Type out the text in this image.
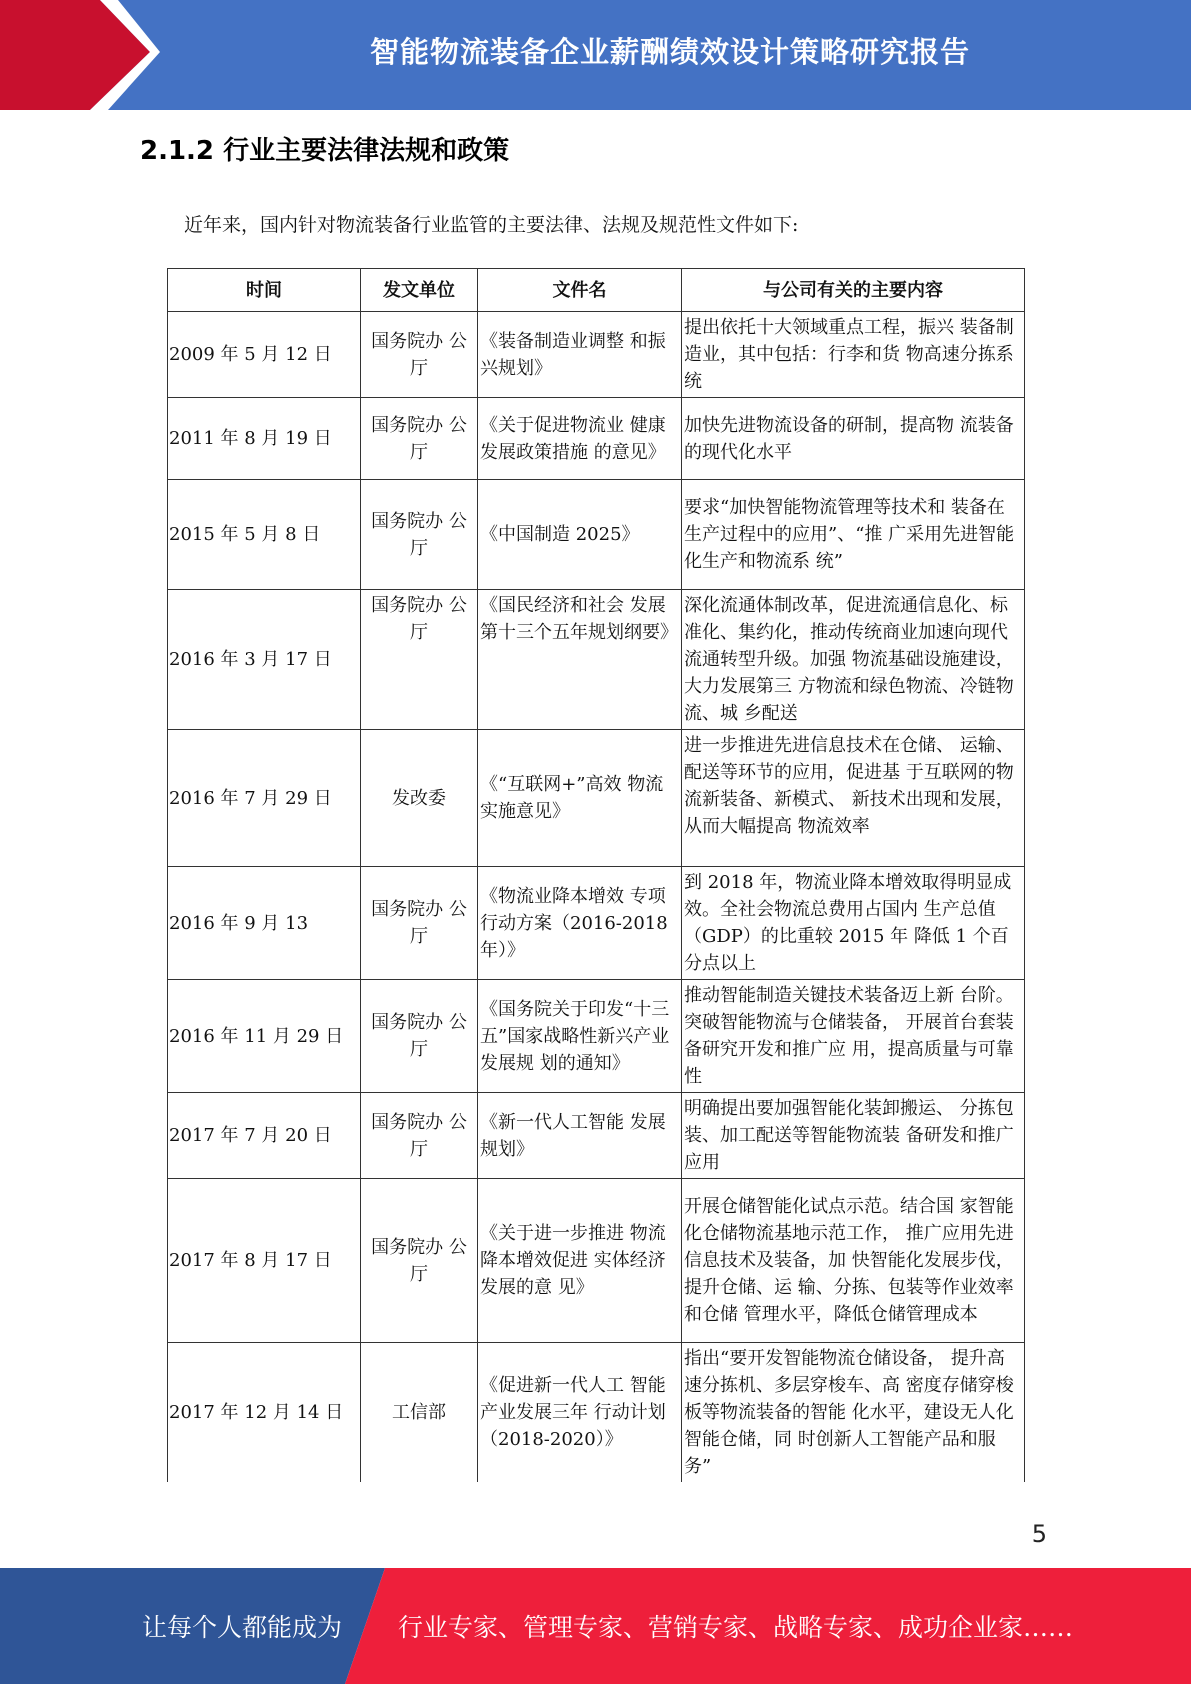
智能物流装备企业薪酬绩效设计策略研究报告
2.1.2 行业主要法律法规和政策
近年来，国内针对物流装备行业监管的主要法律、法规及规范性文件如下:
时间	发文单位	文件名	与公司有关的主要内容
2009 年 5 月 12 日	国务院办 公厅	《装备制造业调整 和振兴规划》	提出依托十大领域重点工程，振兴 装备制造业，其中包括：行李和货 物高速分拣系统
2011 年 8 月 19 日	国务院办 公厅	《关于促进物流业 健康发展政策措施 的意见》	加快先进物流设备的研制，提高物 流装备的现代化水平
2015 年 5 月 8 日	国务院办 公厅	《中国制造 2025》	要求“加快智能物流管理等技术和 装备在生产过程中的应用”、“推 广采用先进智能化生产和物流系 统”
2016 年 3 月 17 日	国务院办 公厅	《国民经济和社会 发展第十三个五年规划纲要》	深化流通体制改革，促进流通信息化、标准化、集约化，推动传统商业加速向现代流通转型升级。加强 物流基础设施建设，大力发展第三 方物流和绿色物流、冷链物流、城 乡配送
2016 年 7 月 29 日	发改委	《“互联网+”高效 物流实施意见》	进一步推进先进信息技术在仓储、 运输、配送等环节的应用，促进基 于互联网的物流新装备、新模式、 新技术出现和发展，从而大幅提高 物流效率
2016 年 9 月 13	国务院办 公厅	《物流业降本增效 专项行动方案（2016-2018 年）》	到 2018 年，物流业降本增效取得明显成效。全社会物流总费用占国内 生产总值（GDP）的比重较 2015 年 降低 1 个百分点以上
2016 年 11 月 29 日	国务院办 公厅	《国务院关于印发“十三五”国家战略性新兴产业发展规 划的通知》	推动智能制造关键技术装备迈上新 台阶。突破智能物流与仓储装备， 开展首台套装备研究开发和推广应 用，提高质量与可靠性
2017 年 7 月 20 日	国务院办 公厅	《新一代人工智能 发展规划》	明确提出要加强智能化装卸搬运、 分拣包装、加工配送等智能物流装 备研发和推广应用
2017 年 8 月 17 日	国务院办 公厅	《关于进一步推进 物流降本增效促进 实体经济发展的意 见》	开展仓储智能化试点示范。结合国 家智能化仓储物流基地示范工作， 推广应用先进信息技术及装备，加 快智能化发展步伐，提升仓储、运 输、分拣、包装等作业效率和仓储 管理水平，降低仓储管理成本
2017 年 12 月 14 日	工信部	《促进新一代人工 智能产业发展三年 行动计划（2018-2020）》	指出“要开发智能物流仓储设备， 提升高速分拣机、多层穿梭车、高 密度存储穿梭板等物流装备的智能 化水平，建设无人化智能仓储，同 时创新人工智能产品和服务”
5
让每个人都能成为 行业专家、管理专家、营销专家、战略专家、成功企业家……
